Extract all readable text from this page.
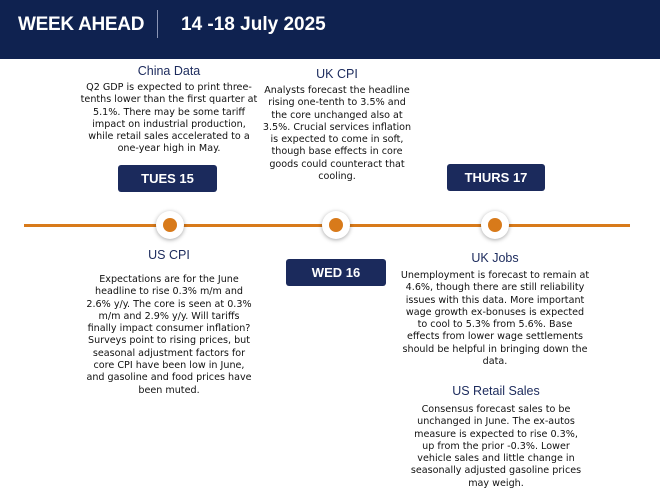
WEEK AHEAD 14 -18 July 2025
China Data

Q2 GDP is expected to print three-tenths lower than the first quarter at 5.1%. There may be some tariff impact on industrial production, while retail sales accelerated to a one-year high in May.

UK CPI

Analysts forecast the headline rising one-tenth to 3.5% and the core unchanged also at 3.5%. Crucial services inflation is expected to come in soft, though base effects in core goods could counteract that cooling.

TUES 15	THURS 17
WED 16
US CPI

Expectations are for the June headline to rise 0.3% m/m and 2.6% y/y. The core is seen at 0.3% m/m and 2.9% y/y. Will tariffs finally impact consumer inflation? Surveys point to rising prices, but seasonal adjustment factors for core CPI have been low in June, and gasoline and food prices have been muted.

UK Jobs

Unemployment is forecast to remain at 4.6%, though there are still reliability issues with this data. More important wage growth ex-bonuses is expected to cool to 5.3% from 5.6%. Base effects from lower wage settlements should be helpful in bringing down the data.

US Retail Sales

Consensus forecast sales to be unchanged in June. The ex-autos measure is expected to rise 0.3%, up from the prior -0.3%. Lower vehicle sales and little change in seasonally adjusted gasoline prices may weigh.
